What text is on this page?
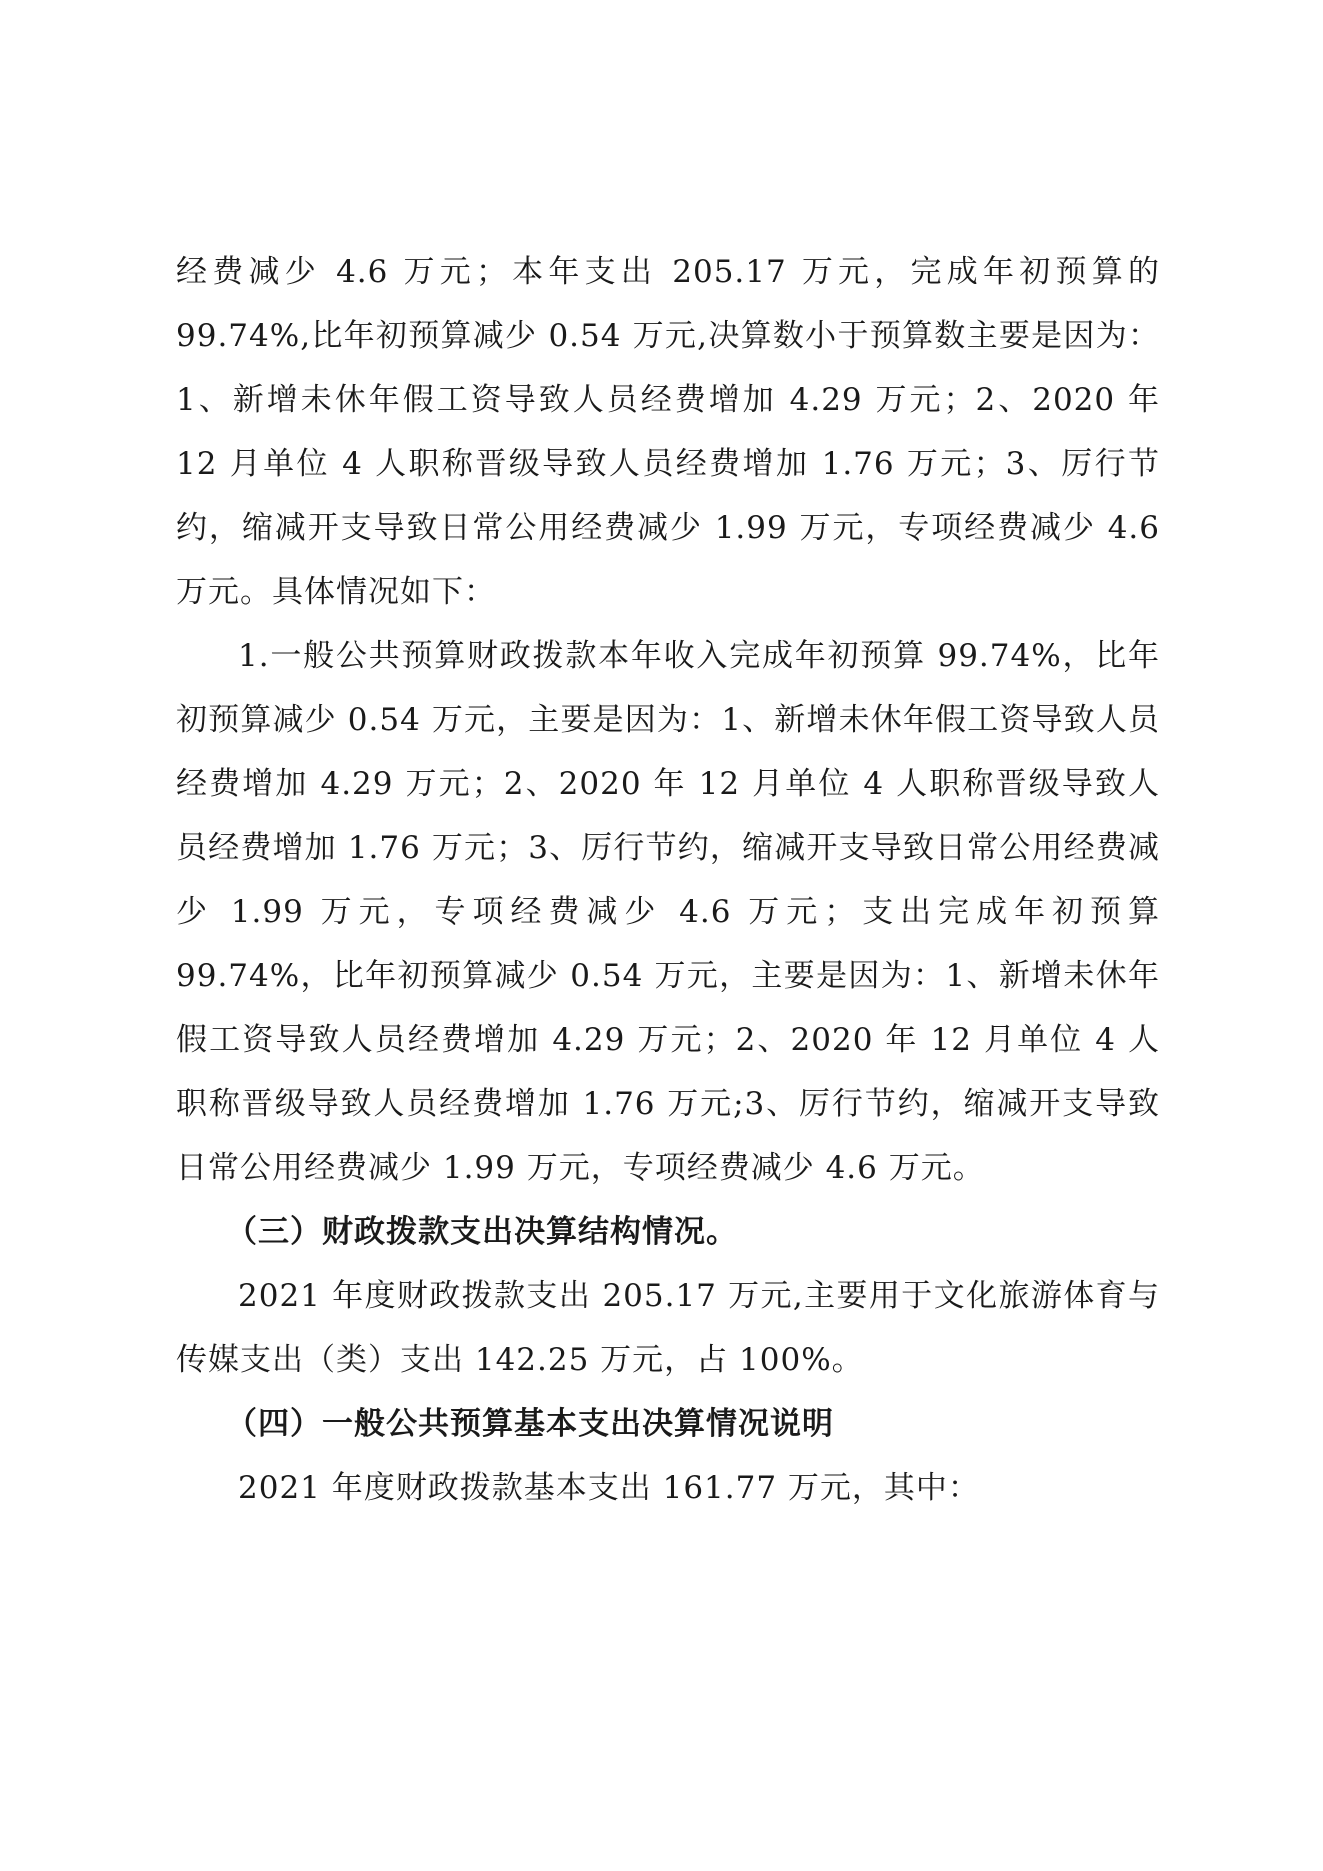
经费减少 4.6 万元；本年支出 205.17 万元，完成年初预算的 99.74%,比年初预算减少 0.54 万元,决算数小于预算数主要是因为：1、新增未休年假工资导致人员经费增加 4.29 万元；2、2020 年 12 月单位 4 人职称晋级导致人员经费增加 1.76 万元；3、厉行节约，缩减开支导致日常公用经费减少 1.99 万元，专项经费减少 4.6 万元。具体情况如下：

1.一般公共预算财政拨款本年收入完成年初预算 99.74%，比年初预算减少 0.54 万元，主要是因为：1、新增未休年假工资导致人员经费增加 4.29 万元；2、2020 年 12 月单位 4 人职称晋级导致人员经费增加 1.76 万元；3、厉行节约，缩减开支导致日常公用经费减少 1.99 万元，专项经费减少 4.6 万元；支出完成年初预算 99.74%，比年初预算减少 0.54 万元，主要是因为：1、新增未休年假工资导致人员经费增加 4.29 万元；2、2020 年 12 月单位 4 人职称晋级导致人员经费增加 1.76 万元;3、厉行节约，缩减开支导致日常公用经费减少 1.99 万元，专项经费减少 4.6 万元。

（三）财政拨款支出决算结构情况。

2021 年度财政拨款支出 205.17 万元,主要用于文化旅游体育与传媒支出（类）支出 142.25 万元，占 100%。

（四）一般公共预算基本支出决算情况说明

2021 年度财政拨款基本支出 161.77 万元，其中：
